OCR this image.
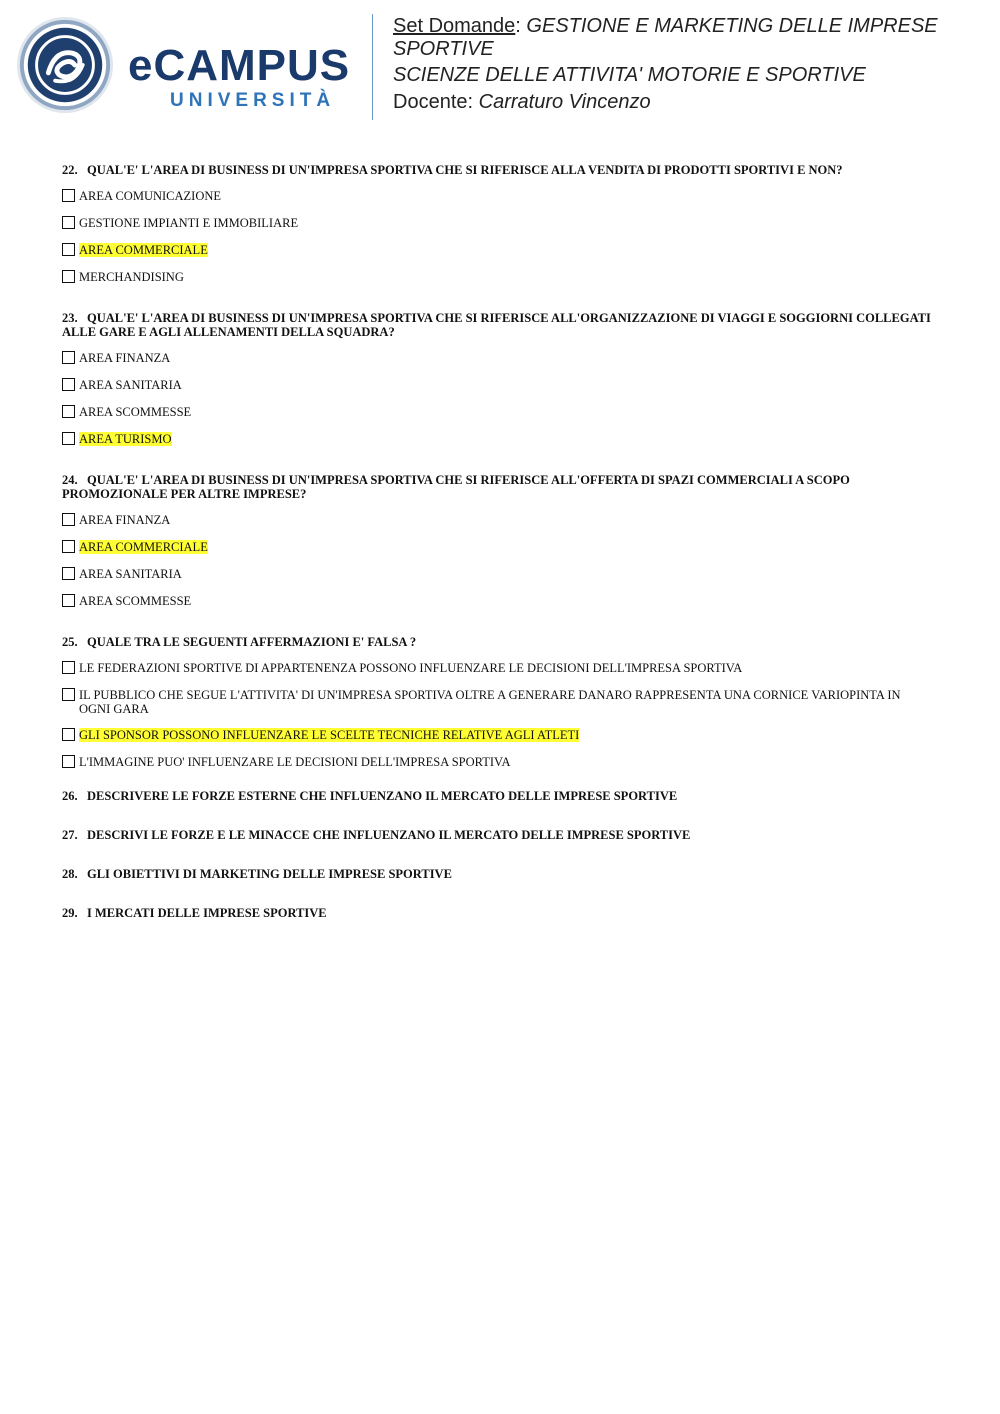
eCAMPUS
UNIVERSITÀ
Set Domande: GESTIONE E MARKETING DELLE IMPRESE SPORTIVE
SCIENZE DELLE ATTIVITA' MOTORIE E SPORTIVE
Docente: Carraturo Vincenzo
22. QUAL'E' L'AREA DI BUSINESS DI UN'IMPRESA SPORTIVA CHE SI RIFERISCE ALLA VENDITA DI PRODOTTI SPORTIVI E NON?
AREA COMUNICAZIONE
GESTIONE IMPIANTI E IMMOBILIARE
AREA COMMERCIALE
MERCHANDISING
23. QUAL'E' L'AREA DI BUSINESS DI UN'IMPRESA SPORTIVA CHE SI RIFERISCE ALL'ORGANIZZAZIONE DI VIAGGI E SOGGIORNI COLLEGATI ALLE GARE E AGLI ALLENAMENTI DELLA SQUADRA?
AREA FINANZA
AREA SANITARIA
AREA SCOMMESSE
AREA TURISMO
24. QUAL'E' L'AREA DI BUSINESS DI UN'IMPRESA SPORTIVA CHE SI RIFERISCE ALL'OFFERTA DI SPAZI COMMERCIALI A SCOPO PROMOZIONALE PER ALTRE IMPRESE?
AREA FINANZA
AREA COMMERCIALE
AREA SANITARIA
AREA SCOMMESSE
25. QUALE TRA LE SEGUENTI AFFERMAZIONI E' FALSA ?
LE FEDERAZIONI SPORTIVE DI APPARTENENZA POSSONO INFLUENZARE LE DECISIONI DELL'IMPRESA SPORTIVA
IL PUBBLICO CHE SEGUE L'ATTIVITA' DI UN'IMPRESA SPORTIVA OLTRE A GENERARE DANARO RAPPRESENTA UNA CORNICE VARIOPINTA IN OGNI GARA
GLI SPONSOR POSSONO INFLUENZARE LE SCELTE TECNICHE RELATIVE AGLI ATLETI
L'IMMAGINE PUO' INFLUENZARE LE DECISIONI DELL'IMPRESA SPORTIVA
26. DESCRIVERE LE FORZE ESTERNE CHE INFLUENZANO IL MERCATO DELLE IMPRESE SPORTIVE
27. DESCRIVI LE FORZE E LE MINACCE CHE INFLUENZANO IL MERCATO DELLE IMPRESE SPORTIVE
28. GLI OBIETTIVI DI MARKETING DELLE IMPRESE SPORTIVE
29. I MERCATI DELLE IMPRESE SPORTIVE
